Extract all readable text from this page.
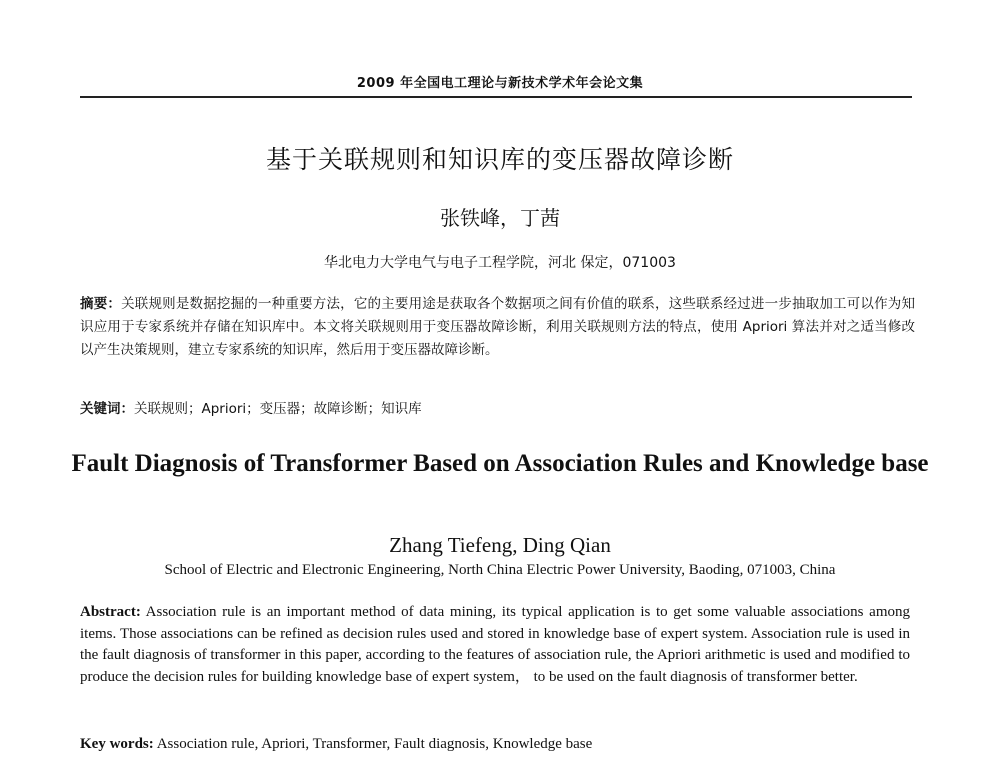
2009 年全国电工理论与新技术学术年会论文集
基于关联规则和知识库的变压器故障诊断
张铁峰，丁茜
华北电力大学电气与电子工程学院，河北 保定，071003
摘要：关联规则是数据挖掘的一种重要方法，它的主要用途是获取各个数据项之间有价值的联系，这些联系经过进一步抽取加工可以作为知识应用于专家系统并存储在知识库中。本文将关联规则用于变压器故障诊断，利用关联规则方法的特点，使用 Apriori 算法并对之适当修改以产生决策规则，建立专家系统的知识库，然后用于变压器故障诊断。
关键词：关联规则；Apriori；变压器；故障诊断；知识库
Fault Diagnosis of Transformer Based on Association Rules and Knowledge base
Zhang Tiefeng, Ding Qian
School of Electric and Electronic Engineering, North China Electric Power University, Baoding, 071003, China
Abstract: Association rule is an important method of data mining, its typical application is to get some valuable associations among items. Those associations can be refined as decision rules used and stored in knowledge base of expert system. Association rule is used in the fault diagnosis of transformer in this paper, according to the features of association rule, the Apriori arithmetic is used and modified to produce the decision rules for building knowledge base of expert system， to be used on the fault diagnosis of transformer better.
Key words: Association rule, Apriori, Transformer, Fault diagnosis, Knowledge base
